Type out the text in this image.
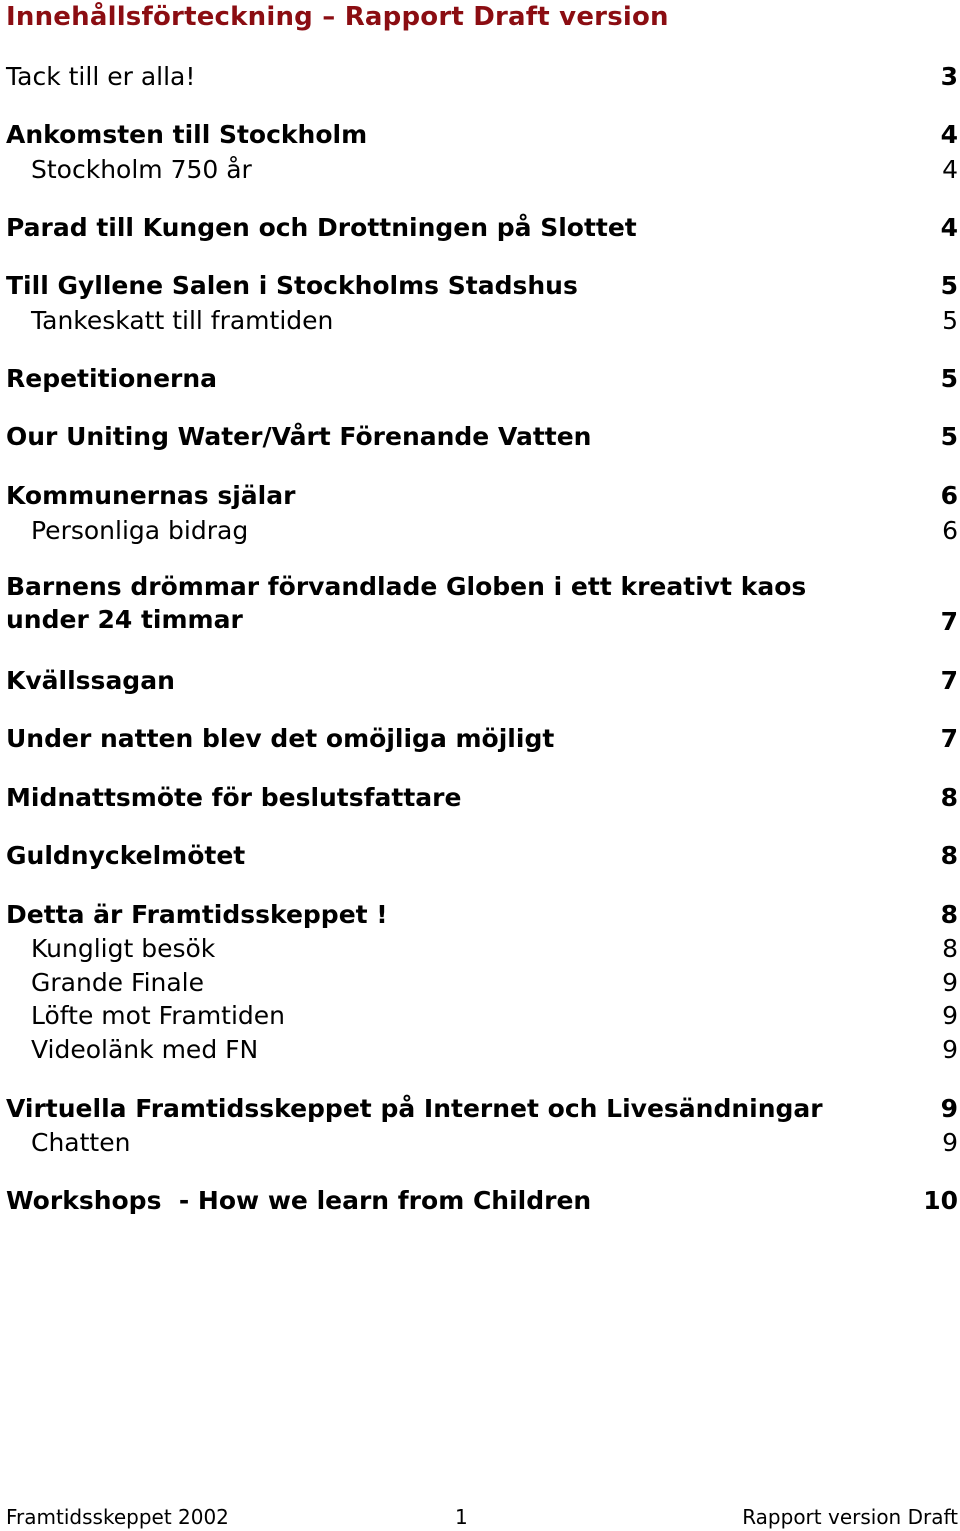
Innehållsförteckning – Rapport Draft version
Tack till er alla!	3
Ankomsten till Stockholm	4
Stockholm 750 år	4
Parad till Kungen och Drottningen på Slottet	4
Till Gyllene Salen i Stockholms Stadshus	5
Tankeskatt till framtiden	5
Repetitionerna	5
Our Uniting Water/Vårt Förenande Vatten	5
Kommunernas själar	6
Personliga bidrag	6
Barnens drömmar förvandlade Globen i ett kreativt kaos under 24 timmar	7
Kvällssagan	7
Under natten blev det omöjliga möjligt	7
Midnattsmöte för beslutsfattare	8
Guldnyckelmötet	8
Detta är Framtidsskeppet !	8
Kungligt besök	8
Grande Finale	9
Löfte mot Framtiden	9
Videolänk med FN	9
Virtuella Framtidsskeppet på Internet och Livesändningar	9
Chatten	9
Workshops  - How we learn from Children	10
Framtidsskeppet 2002	1	Rapport version Draft
